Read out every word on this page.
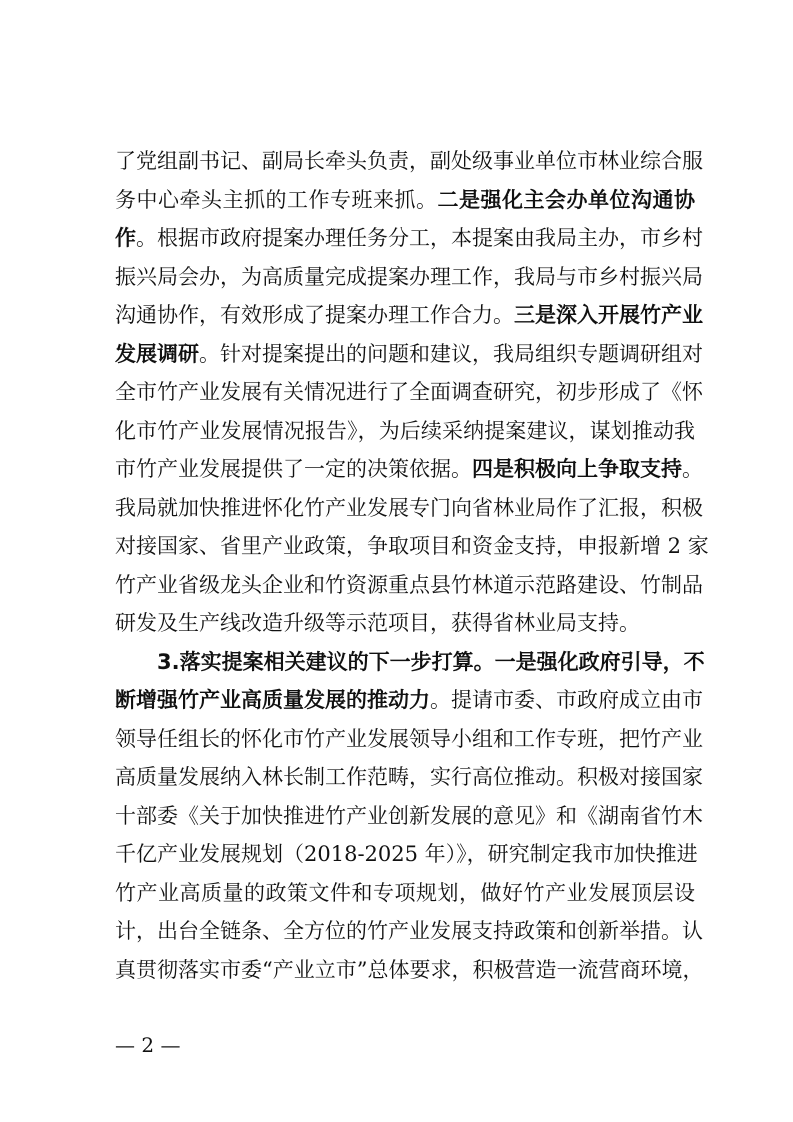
了党组副书记、副局长牵头负责，副处级事业单位市林业综合服
务中心牵头主抓的工作专班来抓。二是强化主会办单位沟通协
作。根据市政府提案办理任务分工，本提案由我局主办，市乡村
振兴局会办，为高质量完成提案办理工作，我局与市乡村振兴局
沟通协作，有效形成了提案办理工作合力。三是深入开展竹产业
发展调研。针对提案提出的问题和建议，我局组织专题调研组对
全市竹产业发展有关情况进行了全面调查研究，初步形成了《怀
化市竹产业发展情况报告》，为后续采纳提案建议，谋划推动我
市竹产业发展提供了一定的决策依据。四是积极向上争取支持。
我局就加快推进怀化竹产业发展专门向省林业局作了汇报，积极
对接国家、省里产业政策，争取项目和资金支持，申报新增 2 家
竹产业省级龙头企业和竹资源重点县竹林道示范路建设、竹制品
研发及生产线改造升级等示范项目，获得省林业局支持。
3.落实提案相关建议的下一步打算。一是强化政府引导，不
断增强竹产业高质量发展的推动力。提请市委、市政府成立由市
领导任组长的怀化市竹产业发展领导小组和工作专班，把竹产业
高质量发展纳入林长制工作范畴，实行高位推动。积极对接国家
十部委《关于加快推进竹产业创新发展的意见》和《湖南省竹木
千亿产业发展规划（2018-2025 年）》，研究制定我市加快推进
竹产业高质量的政策文件和专项规划，做好竹产业发展顶层设
计，出台全链条、全方位的竹产业发展支持政策和创新举措。认
真贯彻落实市委“产业立市”总体要求，积极营造一流营商环境，
— 2 —
